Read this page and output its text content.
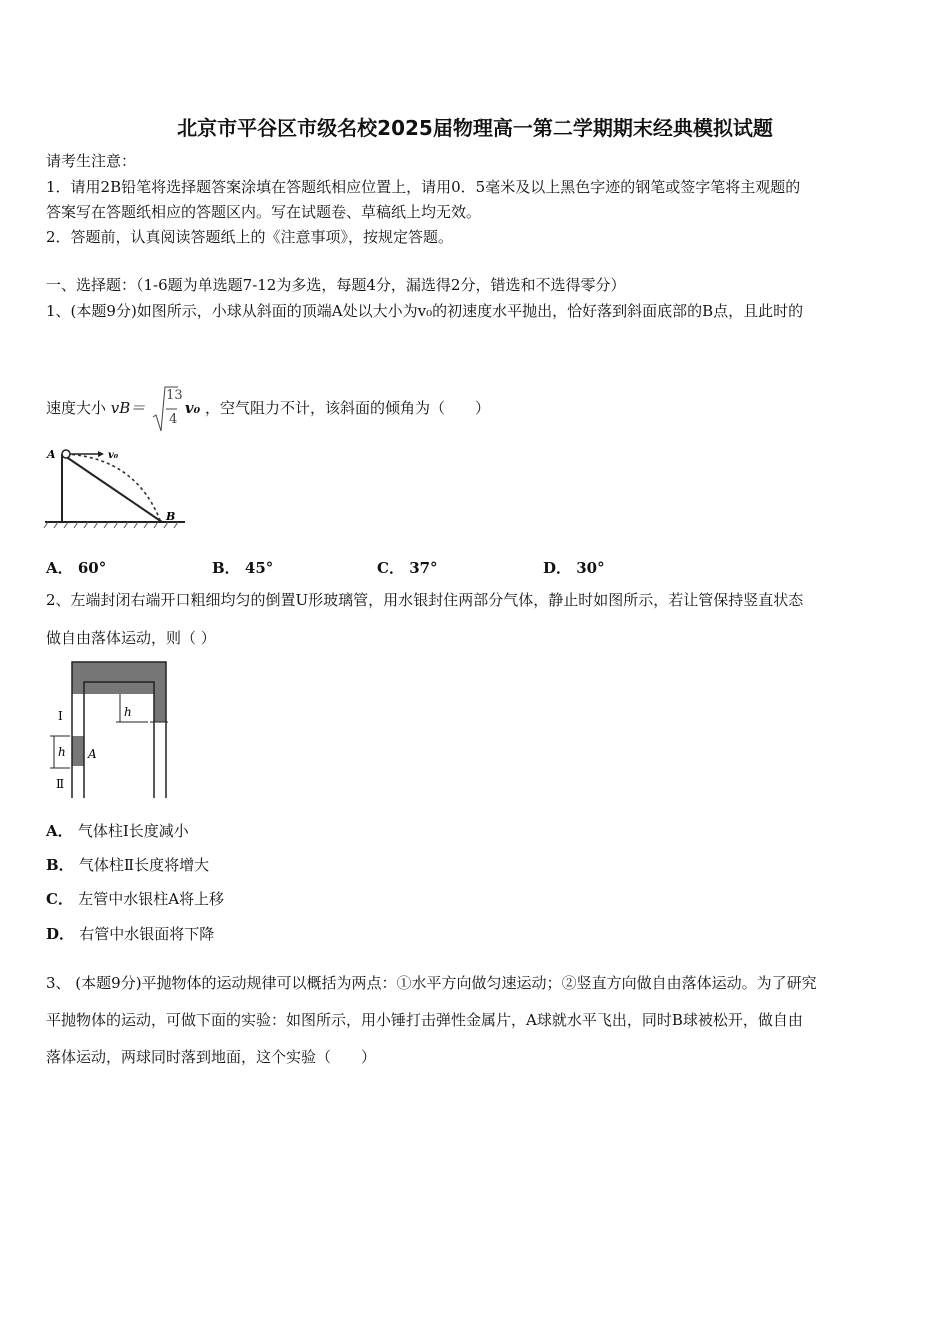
北京市平谷区市级名校2025届物理高一第二学期期末经典模拟试题
请考生注意：
1．请用2B铅笔将选择题答案涂填在答题纸相应位置上，请用0．5毫米及以上黑色字迹的钢笔或签字笔将主观题的
答案写在答题纸相应的答题区内。写在试题卷、草稿纸上均无效。
2．答题前，认真阅读答题纸上的《注意事项》，按规定答题。
一、选择题：（1-6题为单选题7-12为多选，每题4分，漏选得2分，错选和不选得零分）
1、(本题9分)如图所示，小球从斜面的顶端A处以大小为v₀的初速度水平抛出，恰好落到斜面底部的B点，且此时的
速度大小 vB＝
13
4
v₀ ，空气阻力不计，该斜面的倾角为（　　）
A	v₀
B
A． 60°	B． 45°	C． 37°	D． 30°
2、左端封闭右端开口粗细均匀的倒置U形玻璃管，用水银封住两部分气体，静止时如图所示，若让管保持竖直状态
做自由落体运动，则（ ）
Ⅰ
Ⅱ
h
h A
A． 气体柱Ⅰ长度减小
B． 气体柱Ⅱ长度将增大
C． 左管中水银柱A将上移
D． 右管中水银面将下降
3、 (本题9分)平抛物体的运动规律可以概括为两点：①水平方向做匀速运动；②竖直方向做自由落体运动。为了研究
平抛物体的运动，可做下面的实验：如图所示，用小锤打击弹性金属片，A球就水平飞出，同时B球被松开，做自由
落体运动，两球同时落到地面，这个实验（　　）
